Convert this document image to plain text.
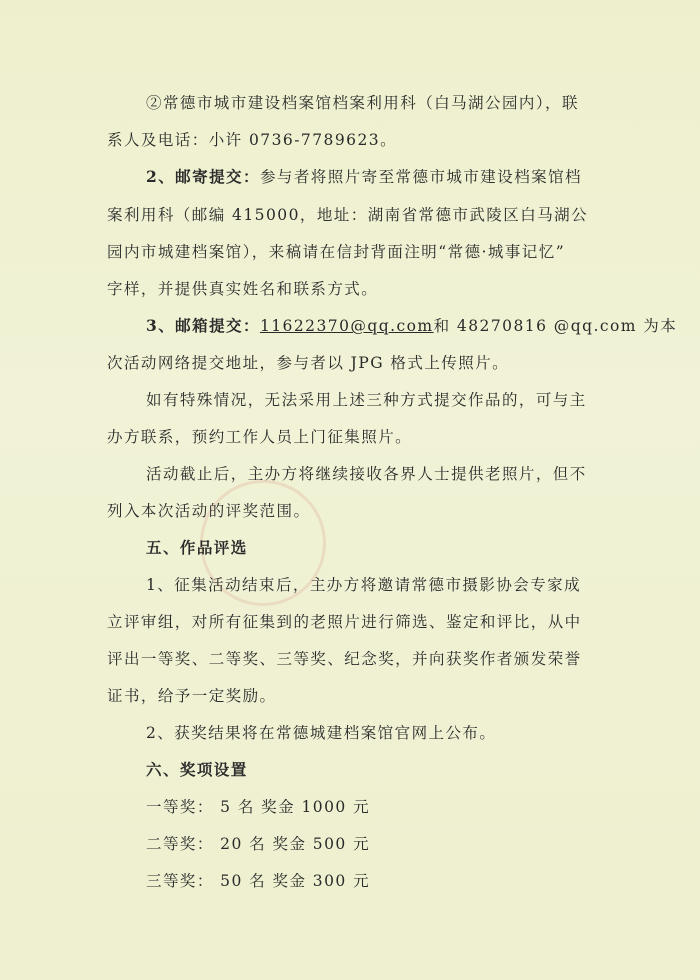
②常德市城市建设档案馆档案利用科（白马湖公园内），联
系人及电话：小许 0736-7789623。
2、邮寄提交：参与者将照片寄至常德市城市建设档案馆档
案利用科（邮编 415000，地址：湖南省常德市武陵区白马湖公
园内市城建档案馆），来稿请在信封背面注明“常德·城事记忆”
字样，并提供真实姓名和联系方式。
3、邮箱提交：11622370@qq.com和 48270816 @qq.com 为本
次活动网络提交地址，参与者以 JPG 格式上传照片。
如有特殊情况，无法采用上述三种方式提交作品的，可与主
办方联系，预约工作人员上门征集照片。
活动截止后，主办方将继续接收各界人士提供老照片，但不
列入本次活动的评奖范围。
五、作品评选
1、征集活动结束后，主办方将邀请常德市摄影协会专家成
立评审组，对所有征集到的老照片进行筛选、鉴定和评比，从中
评出一等奖、二等奖、三等奖、纪念奖，并向获奖作者颁发荣誉
证书，给予一定奖励。
2、获奖结果将在常德城建档案馆官网上公布。
六、奖项设置
一等奖： 5 名 奖金 1000 元
二等奖： 20 名 奖金 500 元
三等奖： 50 名 奖金 300 元
